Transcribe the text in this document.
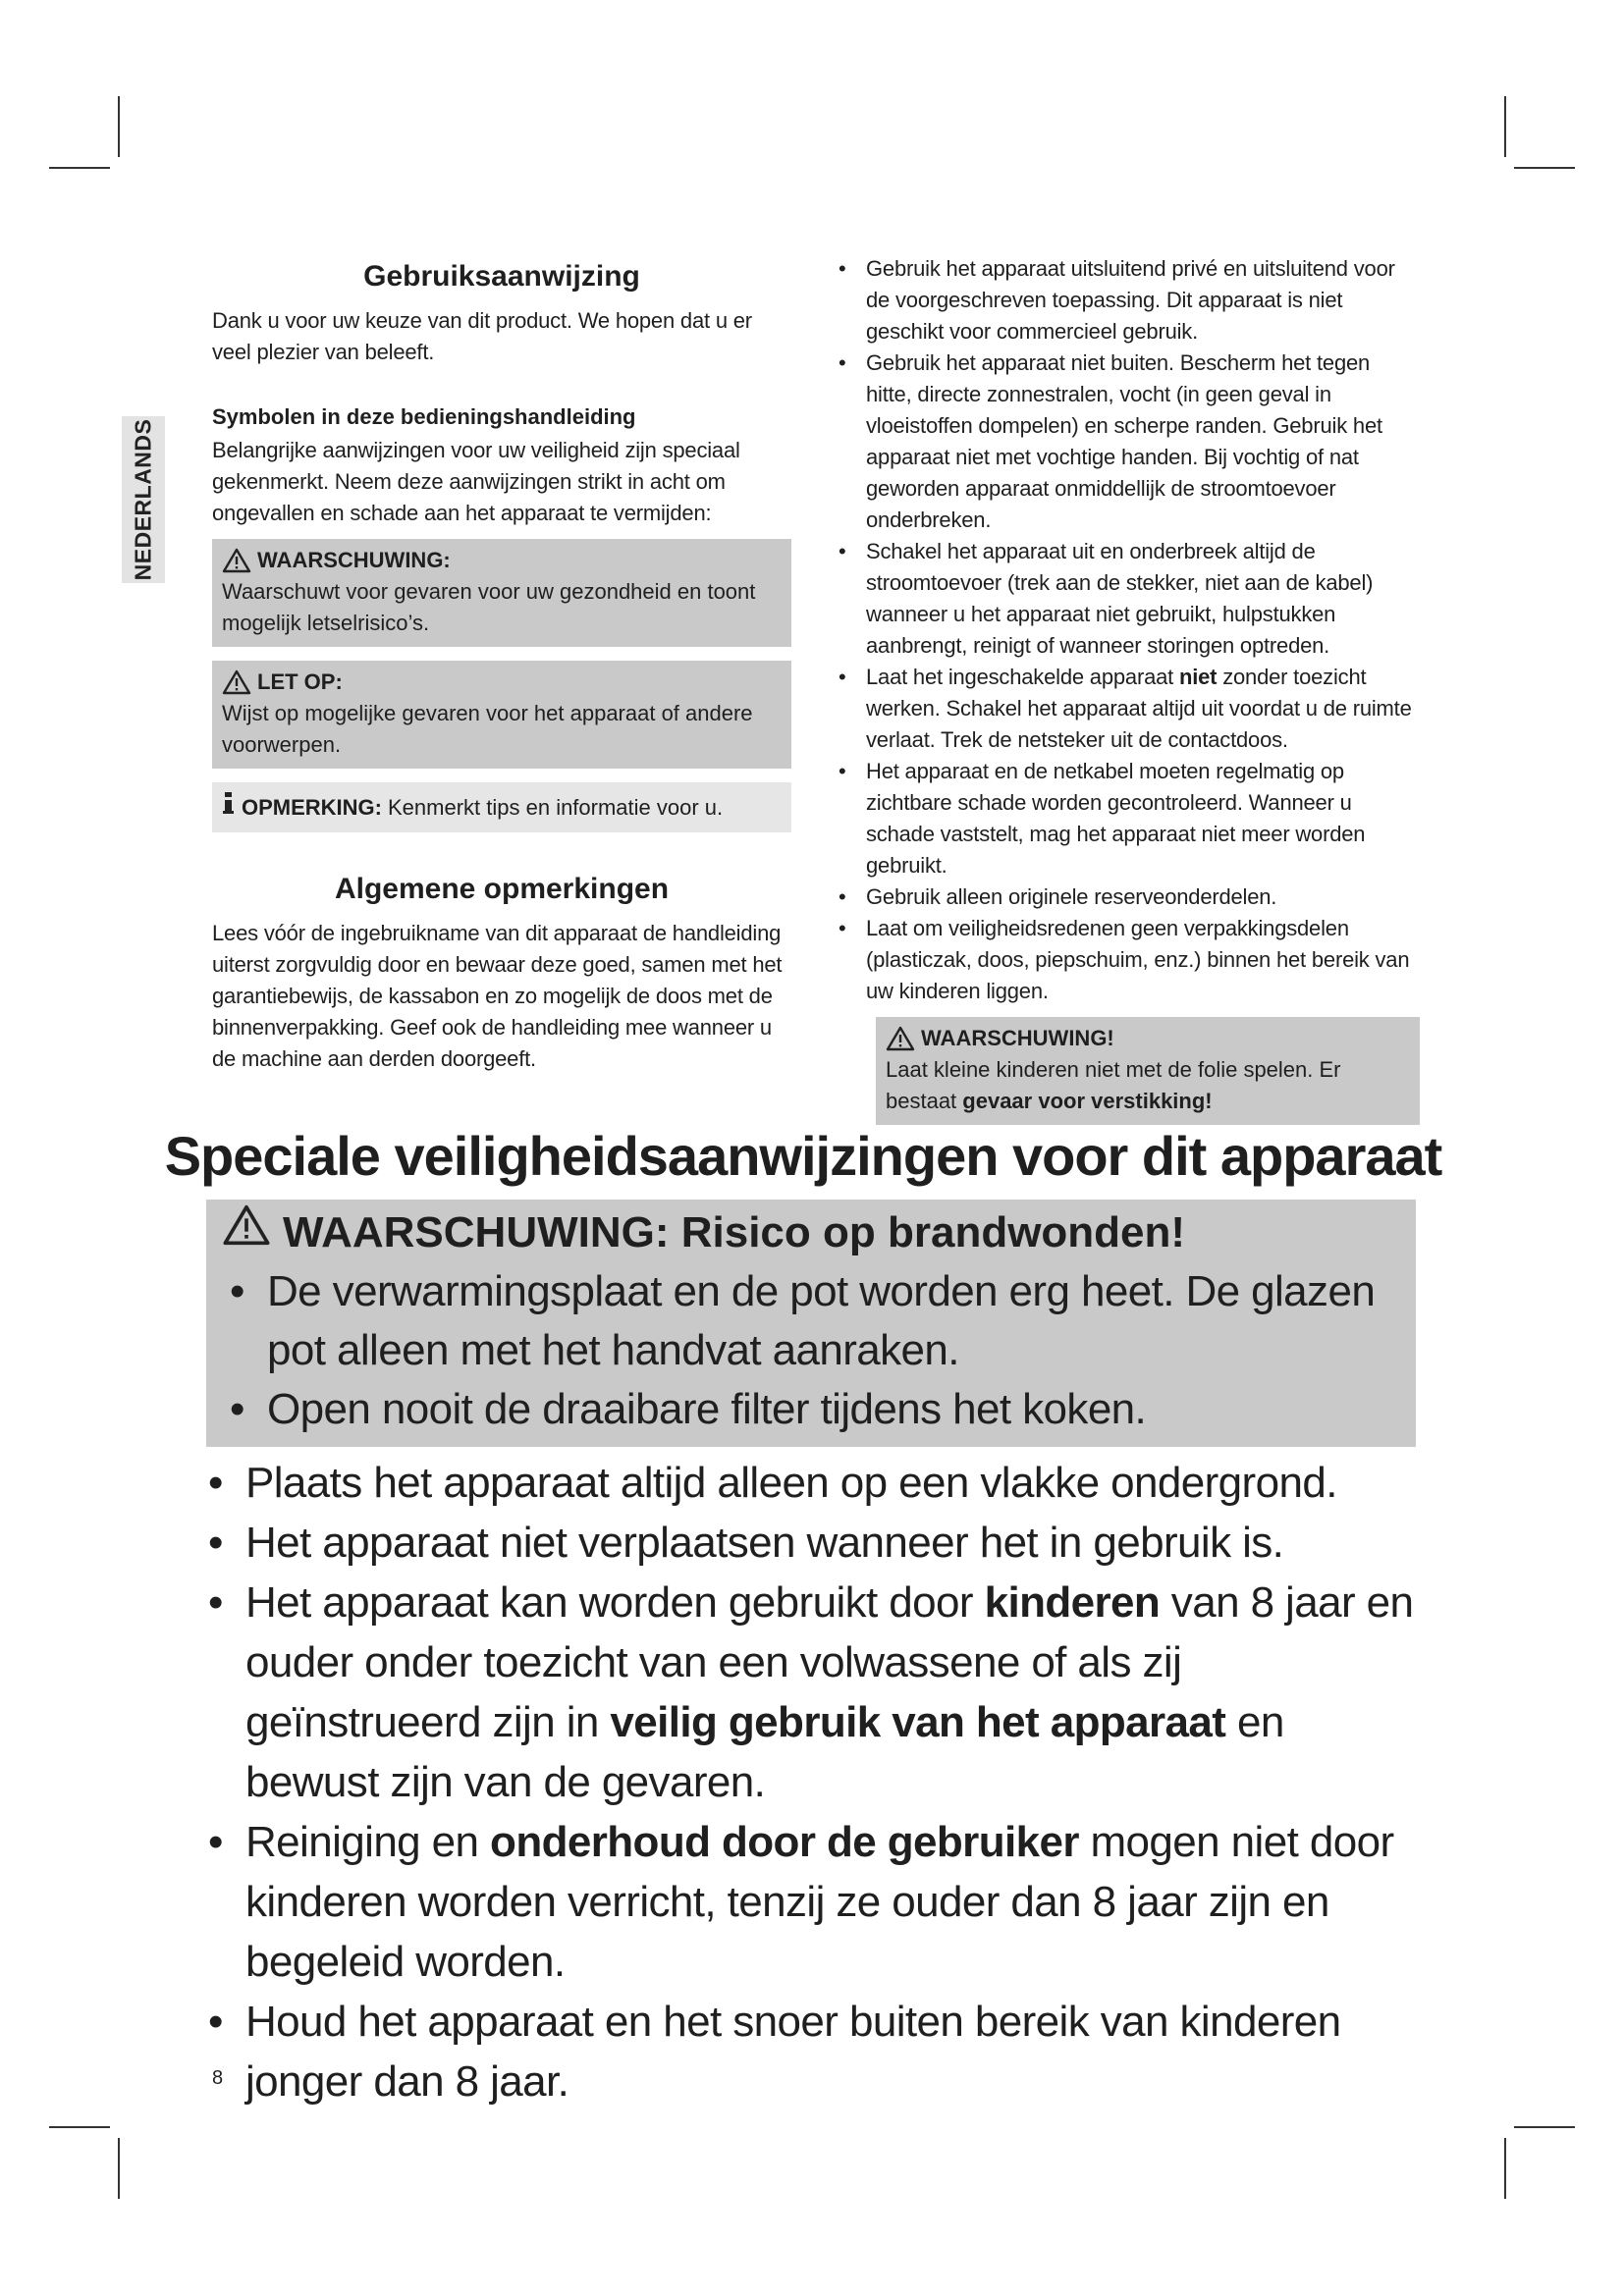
NEDERLANDS
Gebruiksaanwijzing

Dank u voor uw keuze van dit product. We hopen dat u er veel plezier van beleeft.

Symbolen in deze bedieningshandleiding

Belangrijke aanwijzingen voor uw veiligheid zijn speciaal gekenmerkt. Neem deze aanwijzingen strikt in acht om ongevallen en schade aan het apparaat te vermijden:

WAARSCHUWING:
Waarschuwt voor gevaren voor uw gezondheid en toont mogelijk letselrisico’s.
LET OP:
Wijst op mogelijke gevaren voor het apparaat of andere voorwerpen.
OPMERKING: Kenmerkt tips en informatie voor u.
Algemene opmerkingen

Lees vóór de ingebruikname van dit apparaat de handleiding uiterst zorgvuldig door en bewaar deze goed, samen met het garantiebewijs, de kassabon en zo mogelijk de doos met de binnenverpakking. Geef ook de handleiding mee wanneer u de machine aan derden doorgeeft.

• Gebruik het apparaat uitsluitend privé en uitsluitend voor de voorgeschreven toepassing. Dit apparaat is niet geschikt voor commercieel gebruik.
• Gebruik het apparaat niet buiten. Bescherm het tegen hitte, directe zonnestralen, vocht (in geen geval in vloeistoffen dompelen) en scherpe randen. Gebruik het apparaat niet met vochtige handen. Bij vochtig of nat geworden apparaat onmiddellijk de stroomtoevoer onderbreken.
• Schakel het apparaat uit en onderbreek altijd de stroomtoevoer (trek aan de stekker, niet aan de kabel) wanneer u het apparaat niet gebruikt, hulpstukken aanbrengt, reinigt of wanneer storingen optreden.
• Laat het ingeschakelde apparaat niet zonder toezicht werken. Schakel het apparaat altijd uit voordat u de ruimte verlaat. Trek de netsteker uit de contactdoos.
• Het apparaat en de netkabel moeten regelmatig op zichtbare schade worden gecontroleerd. Wanneer u schade vaststelt, mag het apparaat niet meer worden gebruikt.
• Gebruik alleen originele reserveonderdelen.
• Laat om veiligheidsredenen geen verpakkingsdelen (plasticzak, doos, piepschuim, enz.) binnen het bereik van uw kinderen liggen.
WAARSCHUWING!
Laat kleine kinderen niet met de folie spelen. Er bestaat gevaar voor verstikking!
Speciale veiligheidsaanwijzingen voor dit apparaat
WAARSCHUWING: Risico op brandwonden!
• De verwarmingsplaat en de pot worden erg heet. De glazen pot alleen met het handvat aanraken.
• Open nooit de draaibare filter tijdens het koken.
• Plaats het apparaat altijd alleen op een vlakke ondergrond.
• Het apparaat niet verplaatsen wanneer het in gebruik is.
• Het apparaat kan worden gebruikt door kinderen van 8 jaar en ouder onder toezicht van een volwassene of als zij geïnstrueerd zijn in veilig gebruik van het apparaat en bewust zijn van de gevaren.
• Reiniging en onderhoud door de gebruiker mogen niet door kinderen worden verricht, tenzij ze ouder dan 8 jaar zijn en begeleid worden.
• Houd het apparaat en het snoer buiten bereik van kinderen jonger dan 8 jaar.
8
